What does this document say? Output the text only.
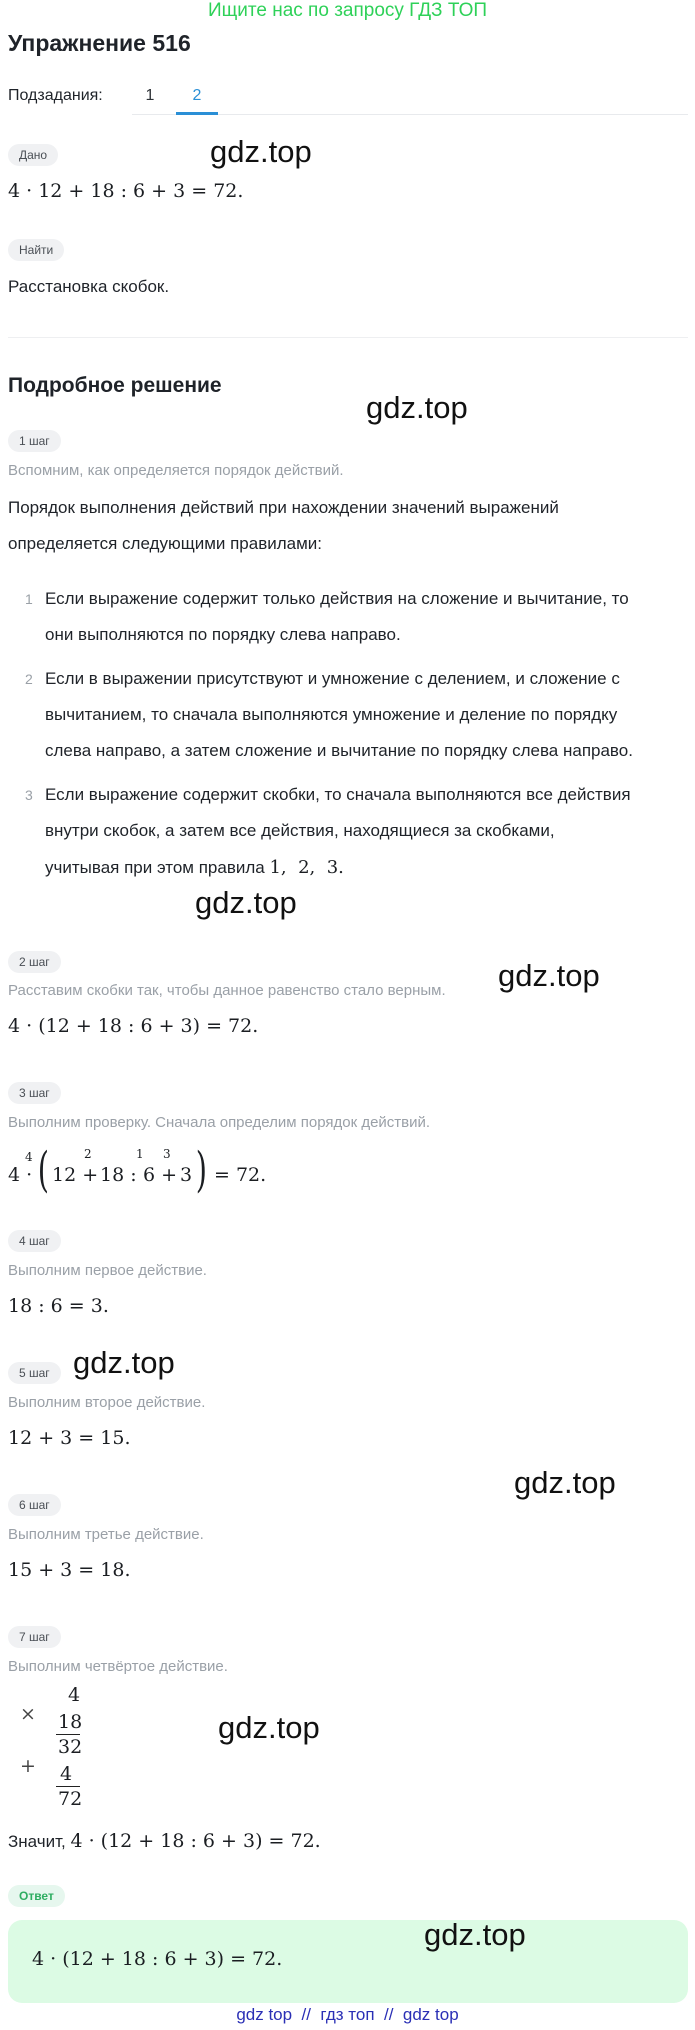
Ищите нас по запросу ГДЗ ТОП
Упражнение 516
Подзадания:	1	2
Дано	gdz.top
4 · 12 + 18 : 6 + 3 = 72.
Найти
Расстановка скобок.
Подробное решение
gdz.top
1 шаг
Вспомним, как определяется порядок действий.
Порядок выполнения действий при нахождении значений выражений
определяется следующими правилами:
1 Если выражение содержит только действия на сложение и вычитание, то
они выполняются по порядку слева направо.
2 Если в выражении присутствуют и умножение с делением, и сложение с
вычитанием, то сначала выполняются умножение и деление по порядку
слева направо, а затем сложение и вычитание по порядку слева направо.
3 Если выражение содержит скобки, то сначала выполняются все действия
внутри скобок, а затем все действия, находящиеся за скобками,
учитывая при этом правила 1,  2,  3.
gdz.top
2 шаг	gdz.top
Расставим скобки так, чтобы данное равенство стало верным.
4 · (12 + 18 : 6 + 3) = 72.
3 шаг
Выполним проверку. Сначала определим порядок действий.
4 ·
4 ( 12 +
2
18 :
1
6 +
3
3 ) = 72.
4 шаг
Выполним первое действие.
18 : 6 = 3.
5 шаг gdz.top
Выполним второе действие.
12 + 3 = 15.
gdz.top
6 шаг
Выполним третье действие.
15 + 3 = 18.
7 шаг
Выполним четвёртое действие.
×
4
18
32
+ 4
72
gdz.top
Значит, 4 · (12 + 18 : 6 + 3) = 72.
Ответ
4 · (12 + 18 : 6 + 3) = 72.
gdz.top
gdz top  //  гдз топ  //  gdz top
